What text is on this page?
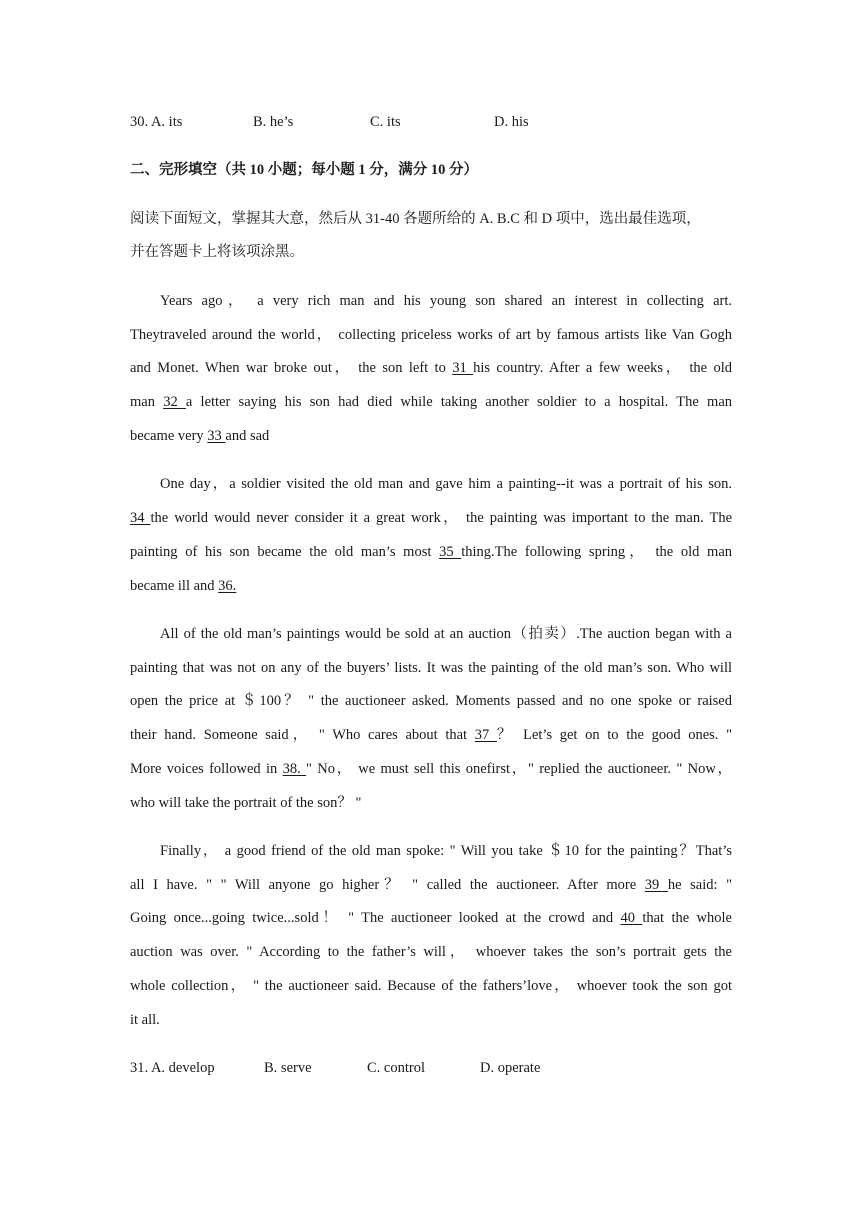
30. A. its	B. he’s	C. its	D. his
二、完形填空（共 10 小题；每小题 1 分，满分 10 分）
阅读下面短文，掌握其大意，然后从 31-40 各题所给的 A. B.C 和 D 项中，选出最佳选项，
并在答题卡上将该项涂黑。
Years ago， a very rich man and his young son shared an interest in collecting art.
Theytraveled around the world， collecting priceless works of art by famous artists like Van Gogh
and Monet. When war broke out， the son left to 31 his country. After a few weeks， the old
man 32 a letter saying his son had died while taking another soldier to a hospital. The man
became very 33 and sad
One day，a soldier visited the old man and gave him a painting--it was a portrait of his son.
34 the world would never consider it a great work， the painting was important to the man. The
painting of his son became the old man’s most 35 thing.The following spring， the old man
became ill and 36.
All of the old man’s paintings would be sold at an auction（拍卖）.The auction began with a
painting that was not on any of the buyers’ lists. It was the painting of the old man’s son. Who will
open the price at ＄100？ " the auctioneer asked. Moments passed and no one spoke or raised
their hand. Someone said， " Who cares about that 37 ？ Let’s get on to the good ones. "
More voices followed in 38. " No， we must sell this onefirst，" replied the auctioneer. " Now，
who will take the portrait of the son？ "
Finally， a good friend of the old man spoke: " Will you take ＄10 for the painting？That’s
all I have. " " Will anyone go higher？ " called the auctioneer. After more 39 he said: "
Going once...going twice...sold！ " The auctioneer looked at the crowd and 40 that the whole
auction was over. " According to the father’s will， whoever takes the son’s portrait gets the
whole collection， " the auctioneer said. Because of the fathers’love， whoever took the son got
it all.
31. A. develop	B. serve	C. control	D. operate
